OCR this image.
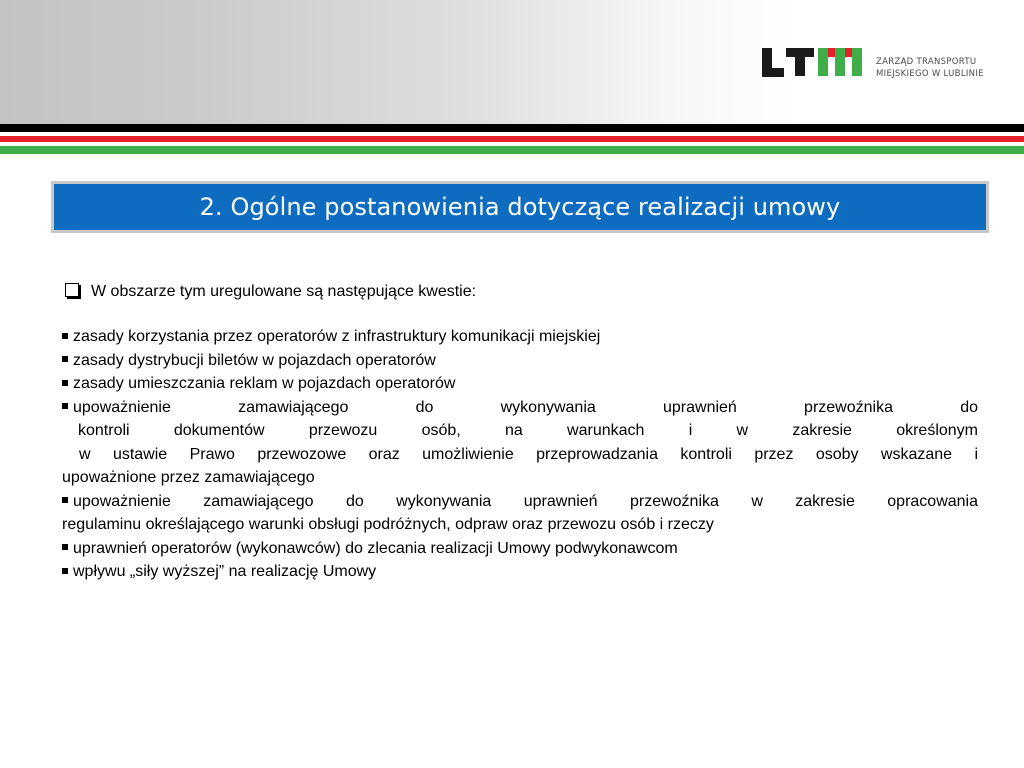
ZARZĄD TRANSPORTU
MIEJSKIEGO W LUBLINIE
2. Ogólne postanowienia dotyczące realizacji umowy
W obszarze tym uregulowane są następujące kwestie:
zasady korzystania przez operatorów z infrastruktury komunikacji miejskiej
zasady dystrybucji biletów w pojazdach operatorów
zasady umieszczania reklam w pojazdach operatorów
upoważnienie zamawiającego do wykonywania uprawnień przewoźnika do
kontroli dokumentów przewozu osób, na warunkach i w zakresie określonym
w ustawie Prawo przewozowe oraz umożliwienie przeprowadzania kontroli przez osoby wskazane i
upoważnione przez zamawiającego
upoważnienie zamawiającego do wykonywania uprawnień przewoźnika w zakresie opracowania
regulaminu określającego warunki obsługi podróżnych, odpraw oraz przewozu osób i rzeczy
uprawnień operatorów (wykonawców) do zlecania realizacji Umowy podwykonawcom
wpływu „siły wyższej” na realizację Umowy
